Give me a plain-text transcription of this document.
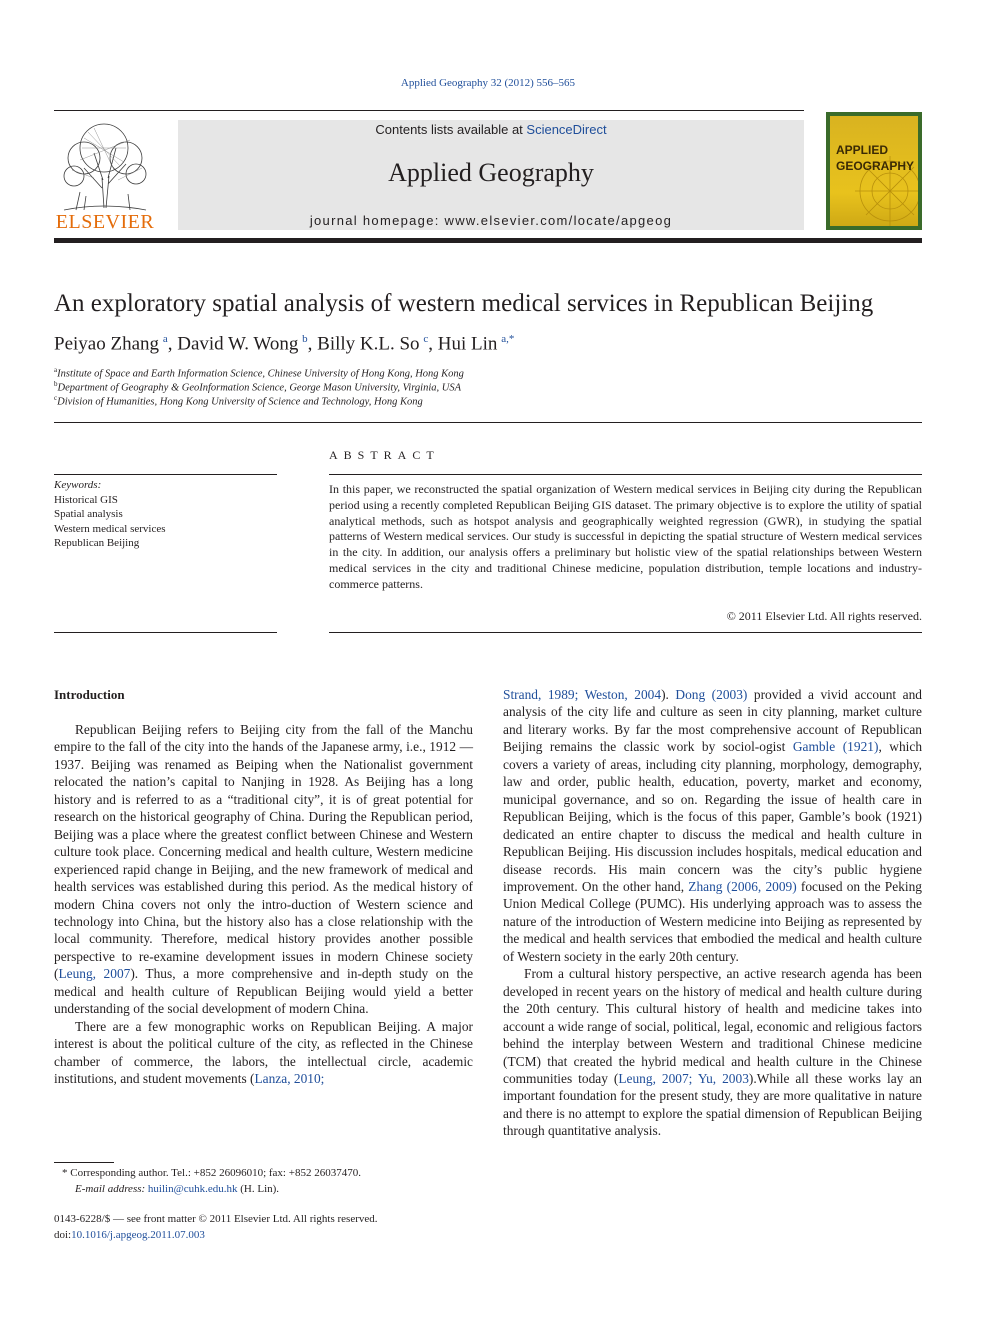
Applied Geography 32 (2012) 556–565
ELSEVIER
Contents lists available at ScienceDirect
Applied Geography
journal homepage: www.elsevier.com/locate/apgeog
APPLIED
GEOGRAPHY
An exploratory spatial analysis of western medical services in Republican Beijing
Peiyao Zhang  $^a$, David W. Wong  $^b$, Billy K.L. So  $^c$, Hui Lin  $^{a,*}$
$^a$Institute of Space and Earth Information Science, Chinese University of Hong Kong, Hong Kong
$^b$Department of Geography & GeoInformation Science, George Mason University, Virginia, USA
$^c$Division of Humanities, Hong Kong University of Science and Technology, Hong Kong
Keywords:
Historical GIS
Spatial analysis
Western medical services
Republican Beijing
ABSTRACT
In this paper, we reconstructed the spatial organization of Western medical services in Beijing city during the Republican period using a recently completed Republican Beijing GIS dataset. The primary objective is to explore the utility of spatial analytical methods, such as hotspot analysis and geographically weighted regression (GWR), in studying the spatial patterns of Western medical services. Our study is successful in depicting the spatial structure of Western medical services in the city. In addition, our analysis offers a preliminary but holistic view of the spatial relationships between Western medical services in the city and traditional Chinese medicine, population distribution, temple locations and industry-commerce patterns.
© 2011 Elsevier Ltd. All rights reserved.
Introduction

Republican Beijing refers to Beijing city from the fall of the Manchu empire to the fall of the city into the hands of the Japanese army, i.e., 1912 —1937. Beijing was renamed as Beiping when the Nationalist government relocated the nation’s capital to Nanjing in 1928. As Beijing has a long history and is referred to as a “traditional city”, it is of great potential for research on the historical geography of China. During the Republican period, Beijing was a place where the greatest conflict between Chinese and Western culture took place. Concerning medical and health culture, Western medicine experienced rapid change in Beijing, and the new framework of medical and health services was established during this period. As the medical history of modern China covers not only the intro-duction of Western science and technology into China, but the history also has a close relationship with the local community. Therefore, medical history provides another possible perspective to re-examine development issues in modern Chinese society (Leung, 2007). Thus, a more comprehensive and in-depth study on the medical and health culture of Republican Beijing would yield a better understanding of the social development of modern China.

There are a few monographic works on Republican Beijing. A major interest is about the political culture of the city, as reflected in the Chinese chamber of commerce, the labors, the intellectual circle, academic institutions, and student movements (Lanza, 2010;

Strand, 1989; Weston, 2004). Dong (2003) provided a vivid account and analysis of the city life and culture as seen in city planning, market culture and literary works. By far the most comprehensive account of Republican Beijing remains the classic work by sociol-ogist Gamble (1921), which covers a variety of areas, including city planning, morphology, demography, law and order, public health, education, poverty, market and economy, municipal governance, and so on. Regarding the issue of health care in Republican Beijing, which is the focus of this paper, Gamble’s book (1921) dedicated an entire chapter to discuss the medical and health culture in Republican Beijing. His discussion includes hospitals, medical education and disease records. His main concern was the city’s public hygiene improvement. On the other hand, Zhang (2006, 2009) focused on the Peking Union Medical College (PUMC). His underlying approach was to assess the nature of the introduction of Western medicine into Beijing as represented by the medical and health services that embodied the medical and health culture of Western society in the early 20th century.

From a cultural history perspective, an active research agenda has been developed in recent years on the history of medical and health culture during the 20th century. This cultural history of health and medicine takes into account a wide range of social, political, legal, economic and religious factors behind the interplay between Western and traditional Chinese medicine (TCM) that created the hybrid medical and health culture in the Chinese communities today (Leung, 2007; Yu, 2003).While all these works lay an important foundation for the present study, they are more qualitative in nature and there is no attempt to explore the spatial dimension of Republican Beijing through quantitative analysis.

* Corresponding author. Tel.: +852 26096010; fax: +852 26037470.
E-mail address: huilin@cuhk.edu.hk (H. Lin).
0143-6228/$ — see front matter © 2011 Elsevier Ltd. All rights reserved.
doi:10.1016/j.apgeog.2011.07.003
